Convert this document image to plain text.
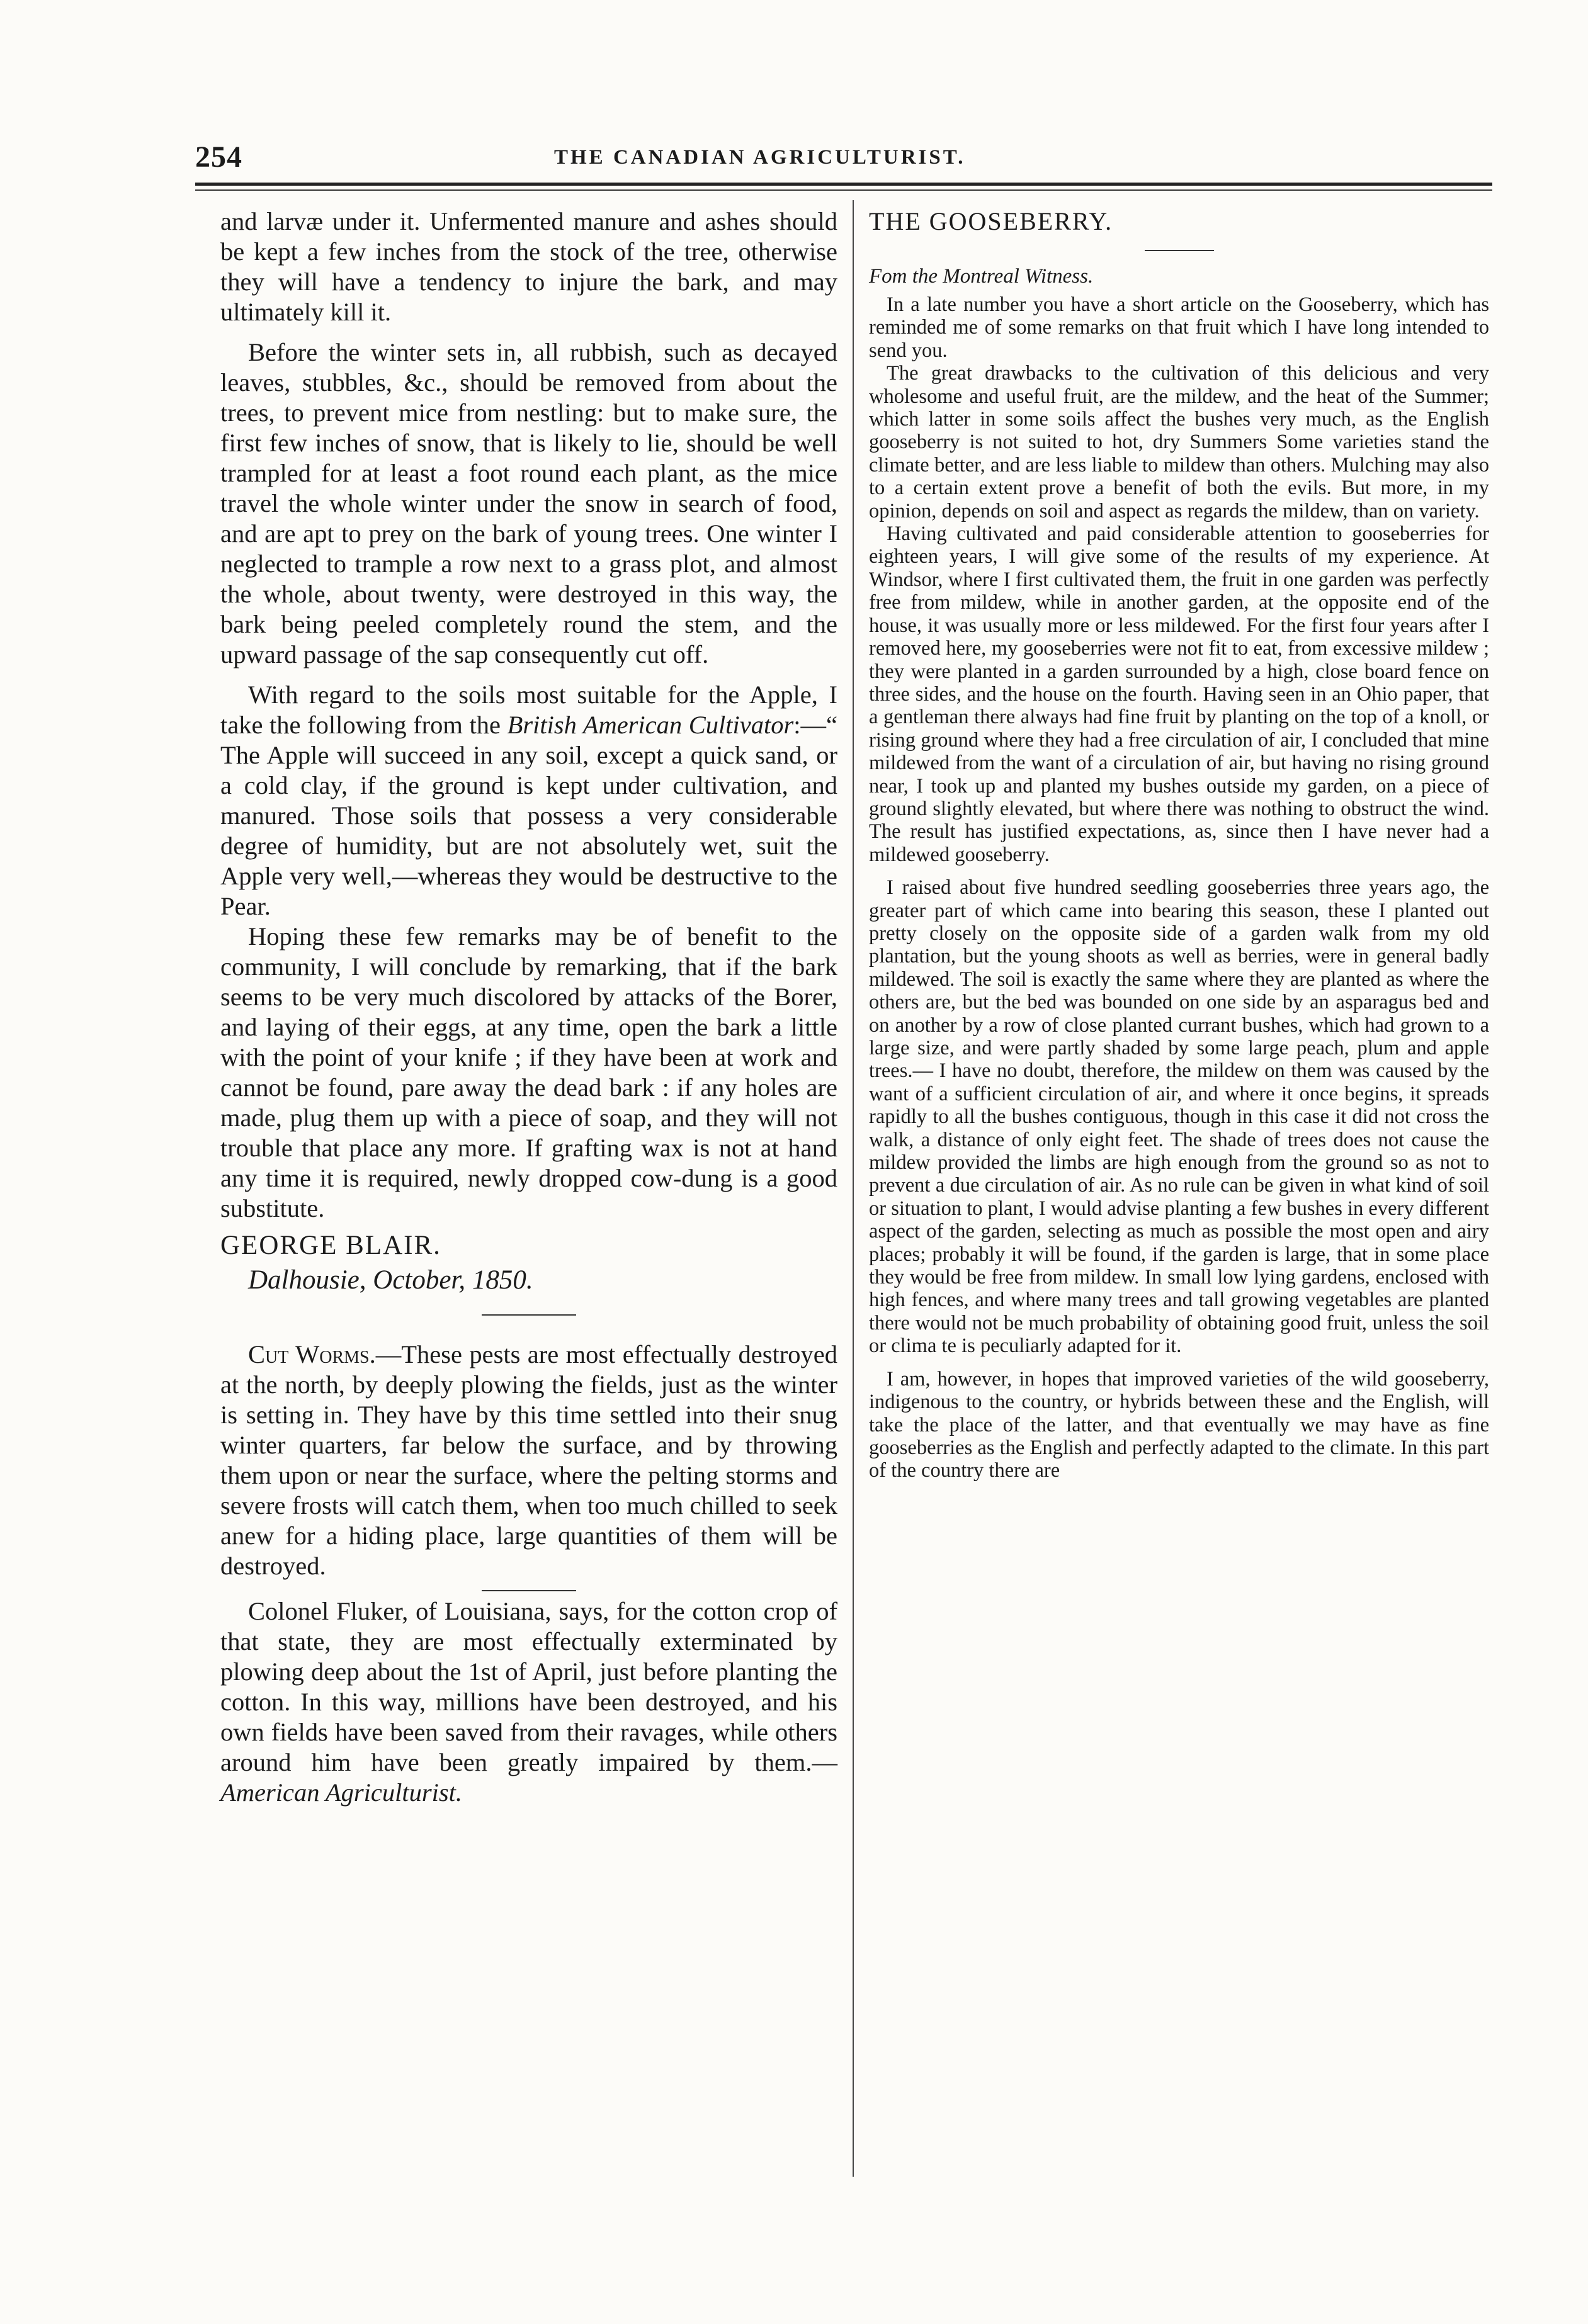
254	THE CANADIAN AGRICULTURIST.

and larvæ under it. Unfermented manure and ashes should be kept a few inches from the stock of the tree, otherwise they will have a tendency to injure the bark, and may ultimately kill it.

Before the winter sets in, all rubbish, such as decayed leaves, stubbles, &c., should be removed from about the trees, to prevent mice from nestling: but to make sure, the first few inches of snow, that is likely to lie, should be well trampled for at least a foot round each plant, as the mice travel the whole winter under the snow in search of food, and are apt to prey on the bark of young trees. One winter I neglected to trample a row next to a grass plot, and almost the whole, about twenty, were destroyed in this way, the bark being peeled completely round the stem, and the upward passage of the sap consequently cut off.

With regard to the soils most suitable for the Apple, I take the following from the British American Cultivator:—“ The Apple will succeed in any soil, except a quick sand, or a cold clay, if the ground is kept under cultivation, and manured. Those soils that possess a very considerable degree of humidity, but are not absolutely wet, suit the Apple very well,—whereas they would be destructive to the Pear.

Hoping these few remarks may be of benefit to the community, I will conclude by remarking, that if the bark seems to be very much discolored by attacks of the Borer, and laying of their eggs, at any time, open the bark a little with the point of your knife ; if they have been at work and cannot be found, pare away the dead bark : if any holes are made, plug them up with a piece of soap, and they will not trouble that place any more. If grafting wax is not at hand any time it is required, newly dropped cow-dung is a good substitute.

GEORGE BLAIR.

Dalhousie, October, 1850.

Cut Worms.—These pests are most effectually destroyed at the north, by deeply plowing the fields, just as the winter is setting in. They have by this time settled into their snug winter quarters, far below the surface, and by throwing them upon or near the surface, where the pelting storms and severe frosts will catch them, when too much chilled to seek anew for a hiding place, large quantities of them will be destroyed.

Colonel Fluker, of Louisiana, says, for the cotton crop of that state, they are most effectually exterminated by plowing deep about the 1st of April, just before planting the cotton. In this way, millions have been destroyed, and his own fields have been saved from their ravages, while others around him have been greatly impaired by them.—American Agriculturist.

THE GOOSEBERRY.

Fom the Montreal Witness.

In a late number you have a short article on the Gooseberry, which has reminded me of some remarks on that fruit which I have long intended to send you.

The great drawbacks to the cultivation of this delicious and very wholesome and useful fruit, are the mildew, and the heat of the Summer; which latter in some soils affect the bushes very much, as the English gooseberry is not suited to hot, dry Summers Some varieties stand the climate better, and are less liable to mildew than others. Mulching may also to a certain extent prove a benefit of both the evils. But more, in my opinion, depends on soil and aspect as regards the mildew, than on variety.

Having cultivated and paid considerable attention to gooseberries for eighteen years, I will give some of the results of my experience. At Windsor, where I first cultivated them, the fruit in one garden was perfectly free from mildew, while in another garden, at the opposite end of the house, it was usually more or less mildewed. For the first four years after I removed here, my gooseberries were not fit to eat, from excessive mildew ; they were planted in a garden surrounded by a high, close board fence on three sides, and the house on the fourth. Having seen in an Ohio paper, that a gentleman there always had fine fruit by planting on the top of a knoll, or rising ground where they had a free circulation of air, I concluded that mine mildewed from the want of a circulation of air, but having no rising ground near, I took up and planted my bushes outside my garden, on a piece of ground slightly elevated, but where there was nothing to obstruct the wind. The result has justified expectations, as, since then I have never had a mildewed gooseberry.

I raised about five hundred seedling gooseberries three years ago, the greater part of which came into bearing this season, these I planted out pretty closely on the opposite side of a garden walk from my old plantation, but the young shoots as well as berries, were in general badly mildewed. The soil is exactly the same where they are planted as where the others are, but the bed was bounded on one side by an asparagus bed and on another by a row of close planted currant bushes, which had grown to a large size, and were partly shaded by some large peach, plum and apple trees.— I have no doubt, therefore, the mildew on them was caused by the want of a sufficient circulation of air, and where it once begins, it spreads rapidly to all the bushes contiguous, though in this case it did not cross the walk, a distance of only eight feet. The shade of trees does not cause the mildew provided the limbs are high enough from the ground so as not to prevent a due circulation of air. As no rule can be given in what kind of soil or situation to plant, I would advise planting a few bushes in every different aspect of the garden, selecting as much as possible the most open and airy places; probably it will be found, if the garden is large, that in some place they would be free from mildew. In small low lying gardens, enclosed with high fences, and where many trees and tall growing vegetables are planted there would not be much probability of obtaining good fruit, unless the soil or clima te is peculiarly adapted for it.

I am, however, in hopes that improved varieties of the wild gooseberry, indigenous to the country, or hybrids between these and the English, will take the place of the latter, and that eventually we may have as fine gooseberries as the English and perfectly adapted to the climate. In this part of the country there are
